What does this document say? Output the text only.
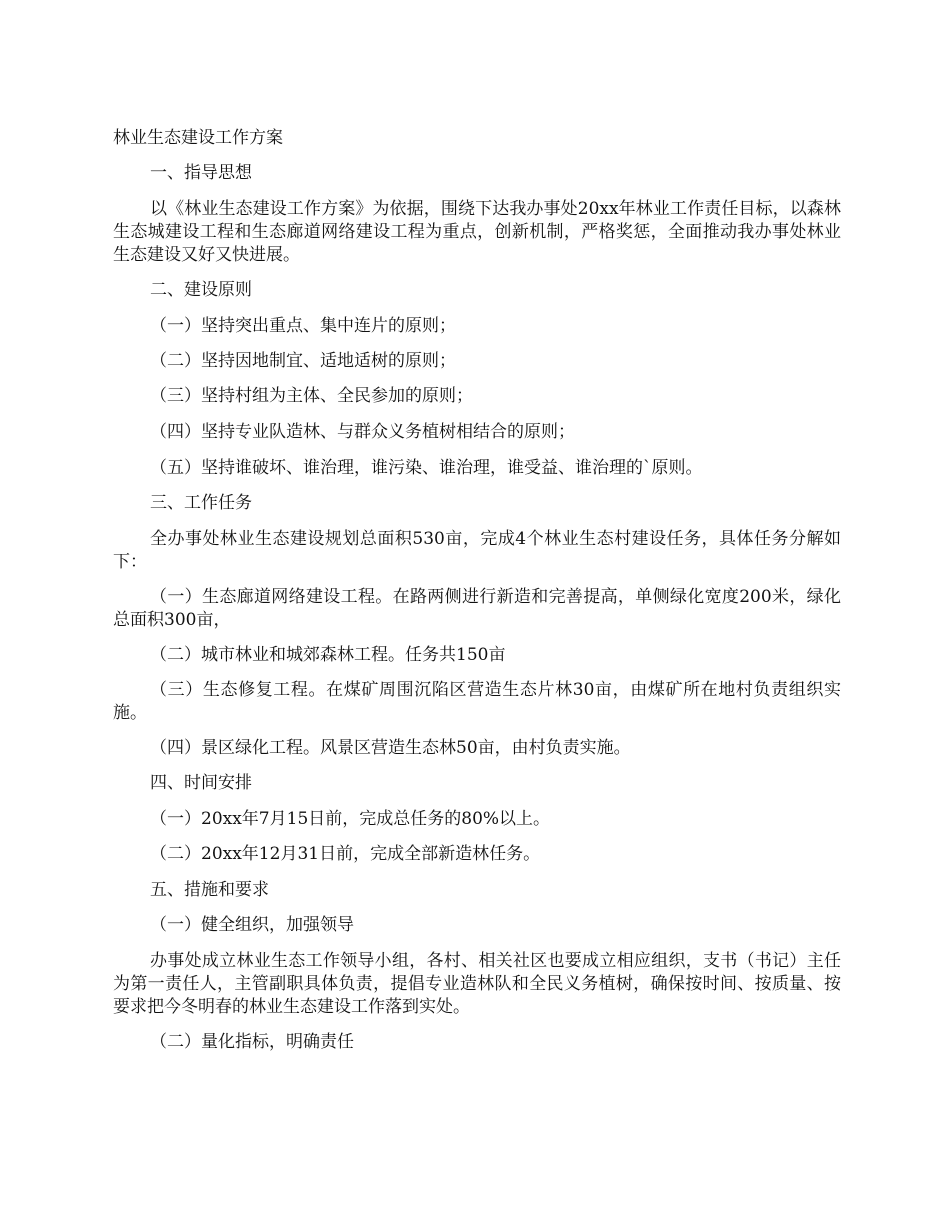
林业生态建设工作方案

一、指导思想

以《林业生态建设工作方案》为依据，围绕下达我办事处20xx年林业工作责任目标，以森林生态城建设工程和生态廊道网络建设工程为重点，创新机制，严格奖惩，全面推动我办事处林业生态建设又好又快进展。

二、建设原则

（一）坚持突出重点、集中连片的原则；

（二）坚持因地制宜、适地适树的原则；

（三）坚持村组为主体、全民参加的原则；

（四）坚持专业队造林、与群众义务植树相结合的原则；

（五）坚持谁破坏、谁治理，谁污染、谁治理，谁受益、谁治理的`原则。

三、工作任务

全办事处林业生态建设规划总面积530亩，完成4个林业生态村建设任务，具体任务分解如下：

（一）生态廊道网络建设工程。在路两侧进行新造和完善提高，单侧绿化宽度200米，绿化总面积300亩，

（二）城市林业和城郊森林工程。任务共150亩

（三）生态修复工程。在煤矿周围沉陷区营造生态片林30亩，由煤矿所在地村负责组织实施。

（四）景区绿化工程。风景区营造生态林50亩，由村负责实施。

四、时间安排

（一）20xx年7月15日前，完成总任务的80%以上。

（二）20xx年12月31日前，完成全部新造林任务。

五、措施和要求

（一）健全组织，加强领导

办事处成立林业生态工作领导小组，各村、相关社区也要成立相应组织，支书（书记）主任为第一责任人，主管副职具体负责，提倡专业造林队和全民义务植树，确保按时间、按质量、按要求把今冬明春的林业生态建设工作落到实处。

（二）量化指标，明确责任
